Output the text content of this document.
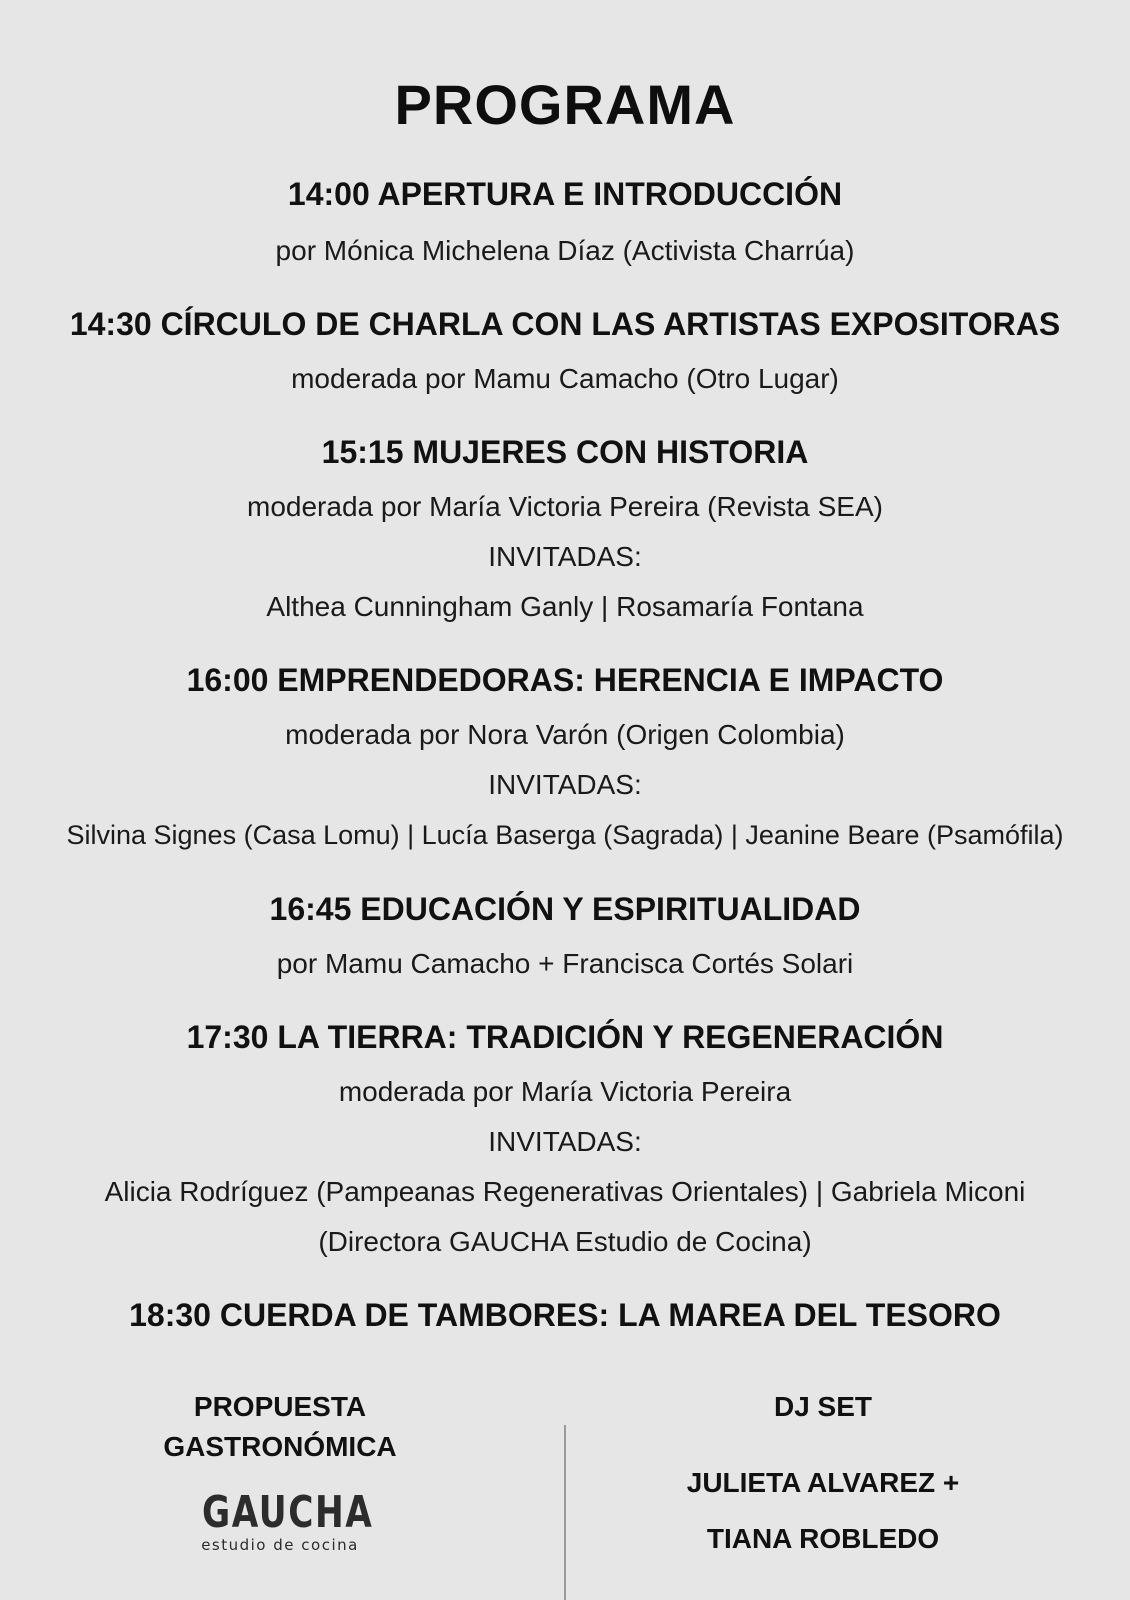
PROGRAMA
14:00 APERTURA E INTRODUCCIÓN
por Mónica Michelena Díaz (Activista Charrúa)
14:30 CÍRCULO DE CHARLA CON LAS ARTISTAS EXPOSITORAS
moderada por Mamu Camacho (Otro Lugar)
15:15 MUJERES CON HISTORIA
moderada por María Victoria Pereira (Revista SEA)
INVITADAS:
Althea Cunningham Ganly | Rosamaría Fontana
16:00 EMPRENDEDORAS: HERENCIA E IMPACTO
moderada por Nora Varón (Origen Colombia)
INVITADAS:
Silvina Signes (Casa Lomu) | Lucía Baserga (Sagrada) | Jeanine Beare (Psamófila)
16:45 EDUCACIÓN Y ESPIRITUALIDAD
por Mamu Camacho + Francisca Cortés Solari
17:30 LA TIERRA: TRADICIÓN Y REGENERACIÓN
moderada por María Victoria Pereira
INVITADAS:
Alicia Rodríguez (Pampeanas Regenerativas Orientales) | Gabriela Miconi
(Directora GAUCHA Estudio de Cocina)
18:30 CUERDA DE TAMBORES: LA MAREA DEL TESORO
PROPUESTA
GASTRONÓMICA
GAUCHA
estudio de cocina
DJ SET
JULIETA ALVAREZ +
TIANA ROBLEDO
